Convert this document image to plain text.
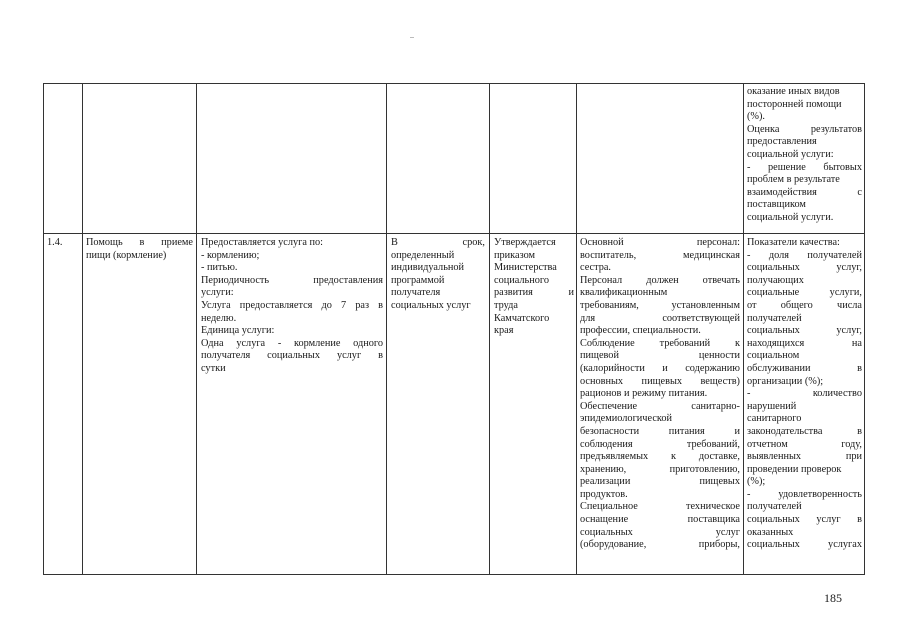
оказание иных видов

посторонней помощи

(%).

Оценка результатов

предоставления

социальной услуги:

- решение бытовых

проблем в результате

взаимодействия с

поставщиком

социальной услуги.

1.4.	Помощь в приеме

пищи (кормление)

Предоставляется услуга по:

- кормлению;

- питью.

Периодичность предоставления

услуги:

Услуга предоставляется до 7 раз в

неделю.

Единица услуги:

Одна услуга - кормление одного

получателя социальных услуг в

сутки

В срок,

определенный

индивидуальной

программой

получателя

социальных услуг

Утверждается

приказом

Министерства

социального

развития и

труда

Камчатского

края

Основной персонал:

воспитатель, медицинская

сестра.

Персонал должен отвечать

квалификационным

требованиям, установленным

для соответствующей

профессии, специальности.

Соблюдение требований к

пищевой ценности

(калорийности и содержанию

основных пищевых веществ)

рационов и режиму питания.

Обеспечение санитарно-

эпидемиологической

безопасности питания и

соблюдения требований,

предъявляемых к доставке,

хранению, приготовлению,

реализации пищевых

продуктов.

Специальное техническое

оснащение поставщика

социальных услуг

(оборудование, приборы,

Показатели качества:

- доля получателей

социальных услуг,

получающих

социальные услуги,

от общего числа

получателей

социальных услуг,

находящихся на

социальном

обслуживании в

организации (%);

- количество

нарушений

санитарного

законодательства в

отчетном году,

выявленных при

проведении проверок

(%);

- удовлетворенность

получателей

социальных услуг в

оказанных

социальных услугах

185
